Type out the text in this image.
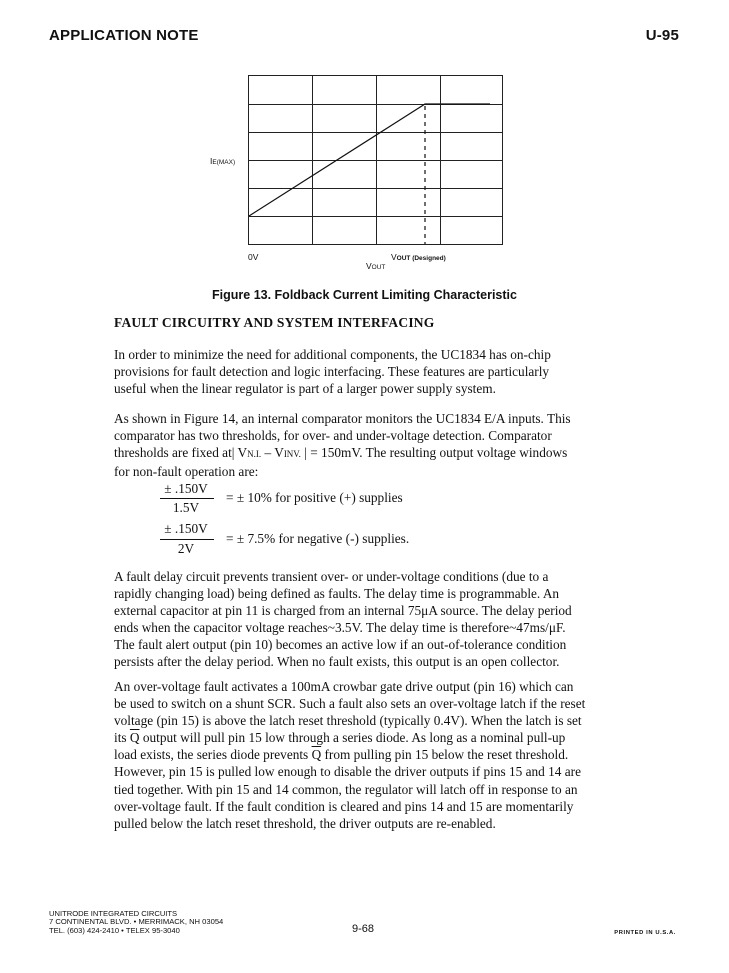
APPLICATION NOTE	U-95
IE(MAX)
0V	VOUT (Designed)
VOUT
Figure 13. Foldback Current Limiting Characteristic
FAULT CIRCUITRY AND SYSTEM INTERFACING
In order to minimize the need for additional components, the UC1834 has on-chip
provisions for fault detection and logic interfacing. These features are particularly
useful when the linear regulator is part of a larger power supply system.
As shown in Figure 14, an internal comparator monitors the UC1834 E/A inputs. This
comparator has two thresholds, for over- and under-voltage detection. Comparator
thresholds are fixed at| VN.I. – VINV. | = 150mV. The resulting output voltage windows
for non-fault operation are:
± .150V
1.5V
= ± 10% for positive (+) supplies
± .150V
2V
= ± 7.5% for negative (-) supplies.
A fault delay circuit prevents transient over- or under-voltage conditions (due to a
rapidly changing load) being defined as faults. The delay time is programmable. An
external capacitor at pin 11 is charged from an internal 75μA source. The delay period
ends when the capacitor voltage reaches~3.5V. The delay time is therefore~47ms/μF.
The fault alert output (pin 10) becomes an active low if an out-of-tolerance condition
persists after the delay period. When no fault exists, this output is an open collector.
An over-voltage fault activates a 100mA crowbar gate drive output (pin 16) which can
be used to switch on a shunt SCR. Such a fault also sets an over-voltage latch if the reset
voltage (pin 15) is above the latch reset threshold (typically 0.4V). When the latch is set
its $\overline{Q}$ output will pull pin 15 low through a series diode. As long as a nominal pull-up
load exists, the series diode prevents $\overline{Q}$ from pulling pin 15 below the reset threshold.
However, pin 15 is pulled low enough to disable the driver outputs if pins 15 and 14 are
tied together. With pin 15 and 14 common, the regulator will latch off in response to an
over-voltage fault. If the fault condition is cleared and pins 14 and 15 are momentarily
pulled below the latch reset threshold, the driver outputs are re-enabled.
UNITRODE INTEGRATED CIRCUITS
7 CONTINENTAL BLVD. • MERRIMACK, NH 03054
TEL. (603) 424-2410 • TELEX 95-3040	9-68	PRINTED IN U.S.A.
